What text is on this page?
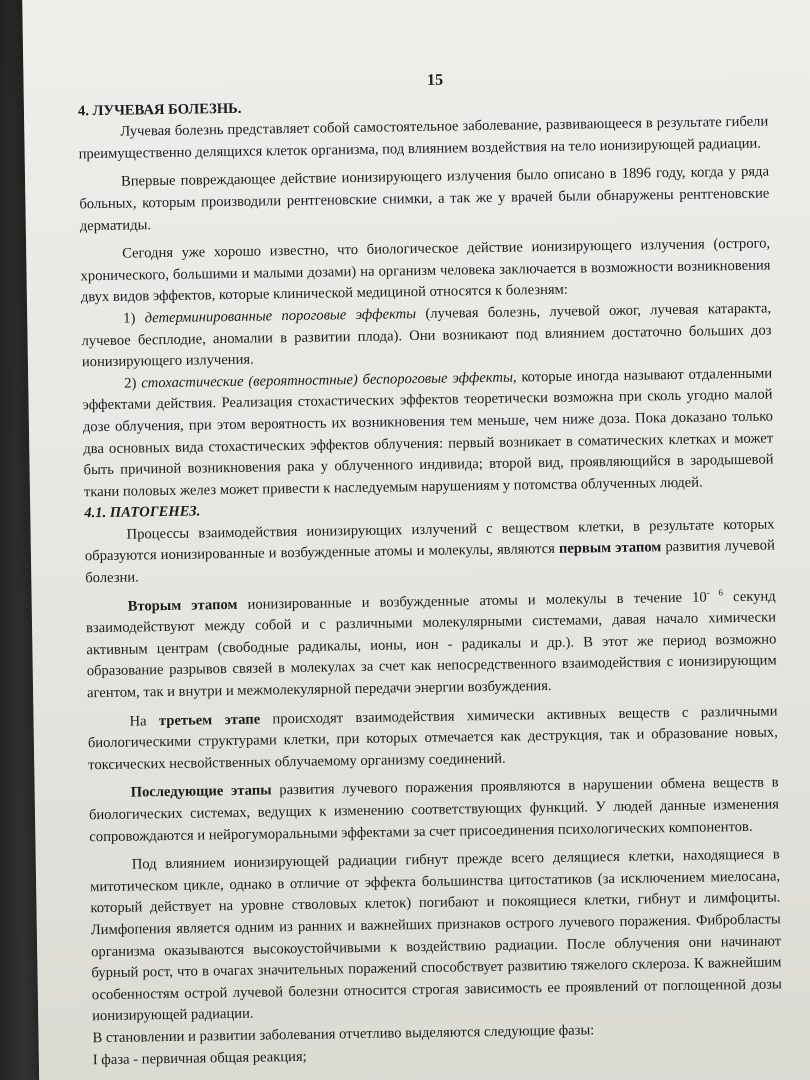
15
4. ЛУЧЕВАЯ БОЛЕЗНЬ.

Лучевая болезнь представляет собой самостоятельное заболевание, развивающееся в результате гибели преимущественно делящихся клеток организма, под влиянием воздействия на тело ионизирующей радиации.

Впервые повреждающее действие ионизирующего излучения было описано в 1896 году, когда у ряда больных, которым производили рентгеновские снимки, а так же у врачей были обнаружены рентгеновские дерматиды.

Сегодня уже хорошо известно, что биологическое действие ионизирующего излучения (острого, хронического, большими и малыми дозами) на организм человека заключается в возможности возникновения двух видов эффектов, которые клинической медициной относятся к болезням:

1) детерминированные пороговые эффекты (лучевая болезнь, лучевой ожог, лучевая катаракта, лучевое бесплодие, аномалии в развитии плода). Они возникают под влиянием достаточно больших доз ионизирующего излучения.

2) стохастические (вероятностные) беспороговые эффекты, которые иногда называют отдаленными эффектами действия. Реализация стохастических эффектов теоретически возможна при сколь угодно малой дозе облучения, при этом вероятность их возникновения тем меньше, чем ниже доза. Пока доказано только два основных вида стохастических эффектов облучения: первый возникает в соматических клетках и может быть причиной возникновения рака у облученного индивида; второй вид, проявляющийся в зародышевой ткани половых желез может привести к наследуемым нарушениям у потомства облученных людей.

4.1. ПАТОГЕНЕЗ.

Процессы взаимодействия ионизирующих излучений с веществом клетки, в результате которых образуются ионизированные и возбужденные атомы и молекулы, являются первым этапом развития лучевой болезни.

Вторым этапом ионизированные и возбужденные атомы и молекулы в течение $10^{- 6}$ секунд взаимодействуют между собой и с различными молекулярными системами, давая начало химически активным центрам (свободные радикалы, ионы, ион - радикалы и др.). В этот же период возможно образование разрывов связей в молекулах за счет как непосредственного взаимодействия с ионизирующим агентом, так и внутри и межмолекулярной передачи энергии возбуждения.

На третьем этапе происходят взаимодействия химически активных веществ с различными биологическими структурами клетки, при которых отмечается как деструкция, так и образование новых, токсических несвойственных облучаемому организму соединений.

Последующие этапы развития лучевого поражения проявляются в нарушении обмена веществ в биологических системах, ведущих к изменению соответствующих функций. У людей данные изменения сопровождаются и нейрогуморальными эффектами за счет присоединения психологических компонентов.

Под влиянием ионизирующей радиации гибнут прежде всего делящиеся клетки, находящиеся в митотическом цикле, однако в отличие от эффекта большинства цитостатиков (за исключением миелосана, который действует на уровне стволовых клеток) погибают и покоящиеся клетки, гибнут и лимфоциты. Лимфопения является одним из ранних и важнейших признаков острого лучевого поражения. Фибробласты организма оказываются высокоустойчивыми к воздействию радиации. После облучения они начинают бурный рост, что в очагах значительных поражений способствует развитию тяжелого склероза. К важнейшим особенностям острой лучевой болезни относится строгая зависимость ее проявлений от поглощенной дозы ионизирующей радиации.

В становлении и развитии заболевания отчетливо выделяются следующие фазы:

I фаза - первичная общая реакция;
